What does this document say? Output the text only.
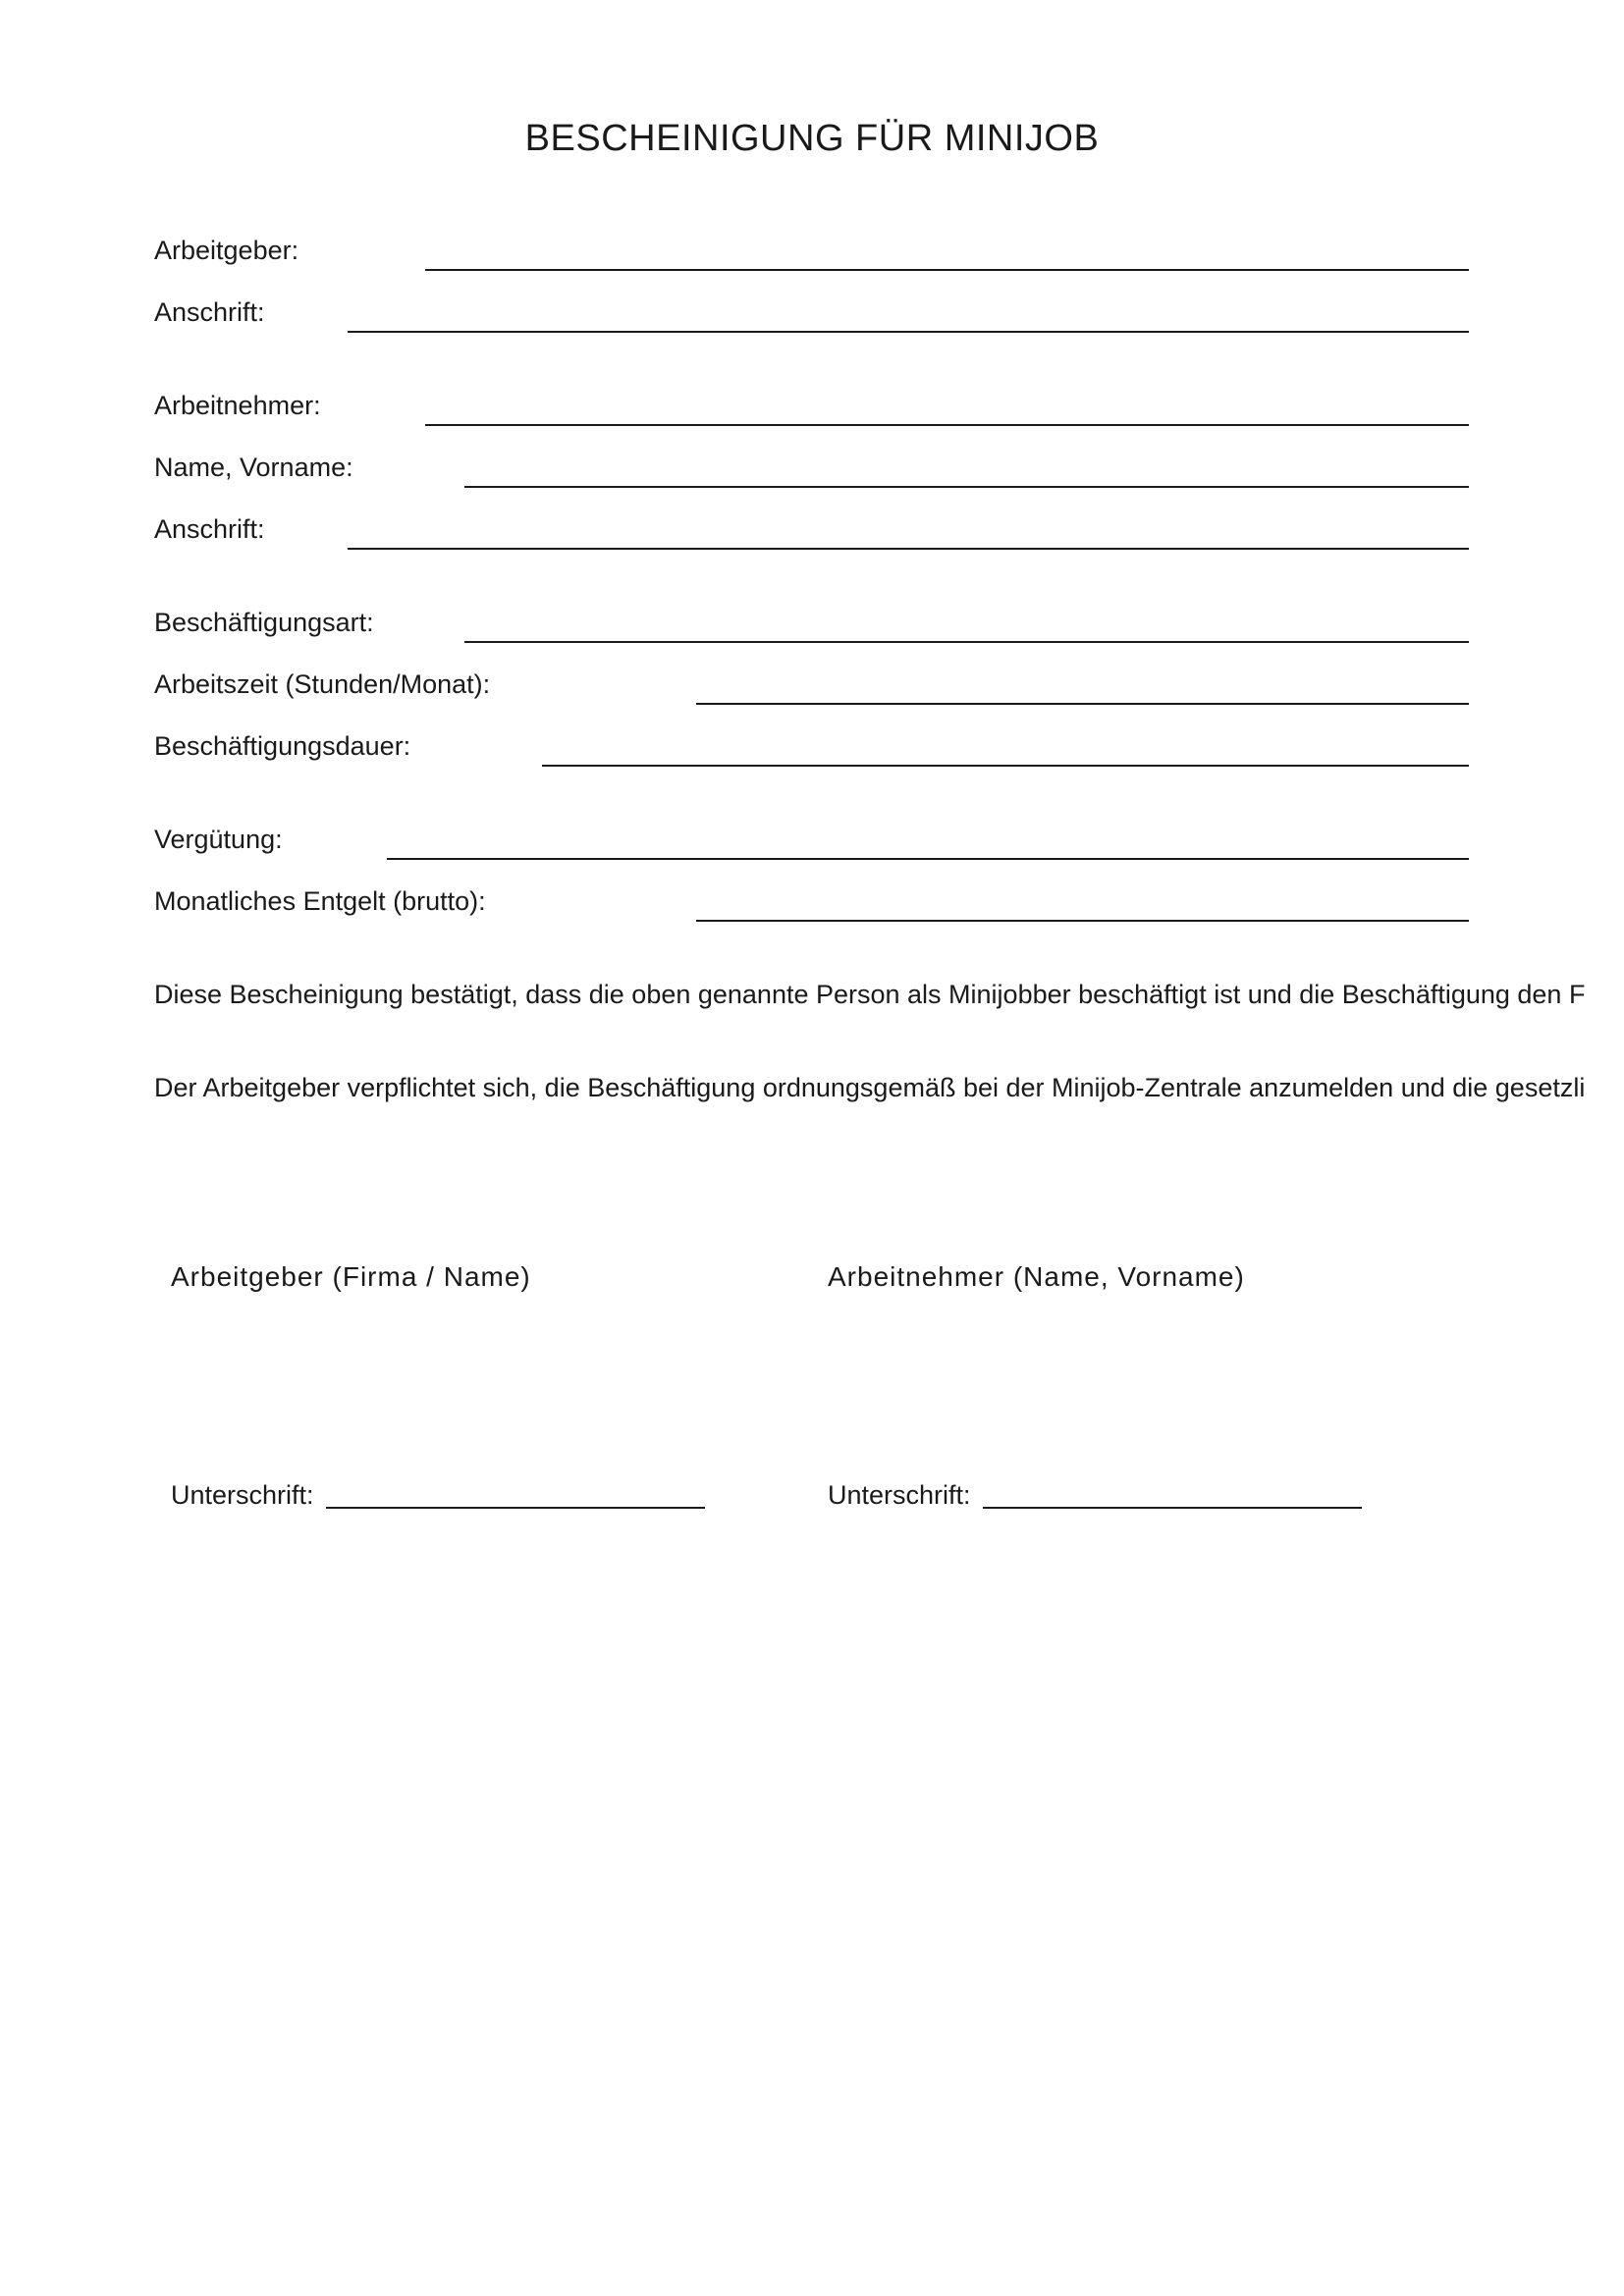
BESCHEINIGUNG FÜR MINIJOB
Arbeitgeber:
Anschrift:
Arbeitnehmer:
Name, Vorname:
Anschrift:
Beschäftigungsart:
Arbeitszeit (Stunden/Monat):
Beschäftigungsdauer:
Vergütung:
Monatliches Entgelt (brutto):
Diese Bescheinigung bestätigt, dass die oben genannte Person als Minijobber beschäftigt ist und die Beschäftigung den F
Der Arbeitgeber verpflichtet sich, die Beschäftigung ordnungsgemäß bei der Minijob-Zentrale anzumelden und die gesetzli
Arbeitgeber (Firma / Name)	Arbeitnehmer (Name, Vorname)
Unterschrift:	Unterschrift:
